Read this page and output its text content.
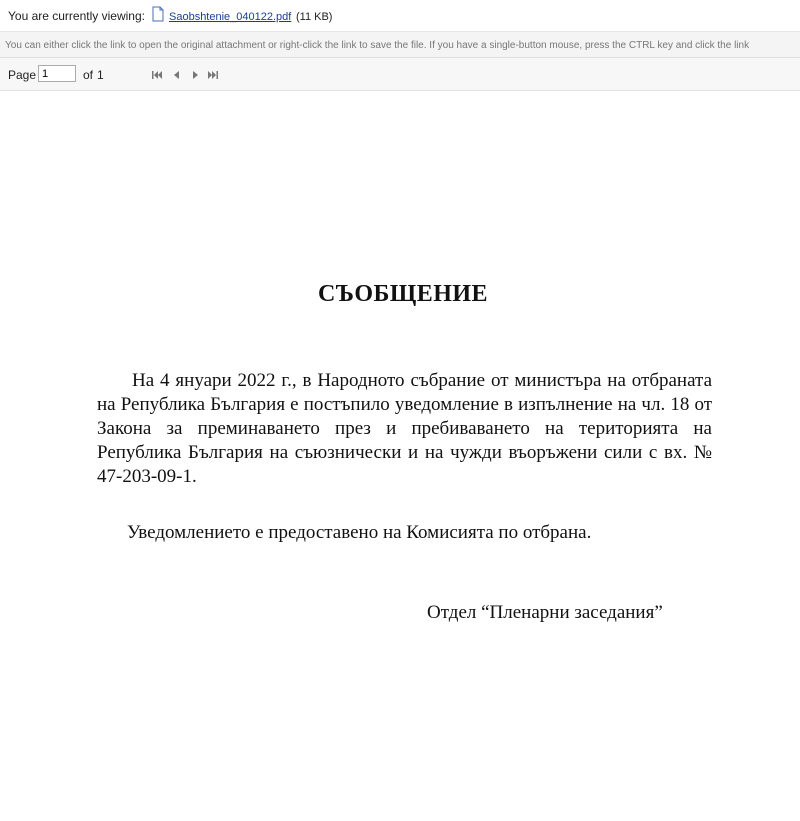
You are currently viewing: Saobshtenie_040122.pdf (11 KB)
You can either click the link to open the original attachment or right-click the link to save the file. If you have a single-button mouse, press the CTRL key and click the link
Page
1	of 1
СЪОБЩЕНИЕ
На 4 януари 2022 г., в Народното събрание от министъра на отбраната на Република България е постъпило уведомление в изпълнение на чл. 18 от Закона за преминаването през и пребиваването на територията на Република България на съюзнически и на чужди въоръжени сили с вх. № 47-203-09-1.
Уведомлението е предоставено на Комисията по отбрана.
Отдел “Пленарни заседания”
